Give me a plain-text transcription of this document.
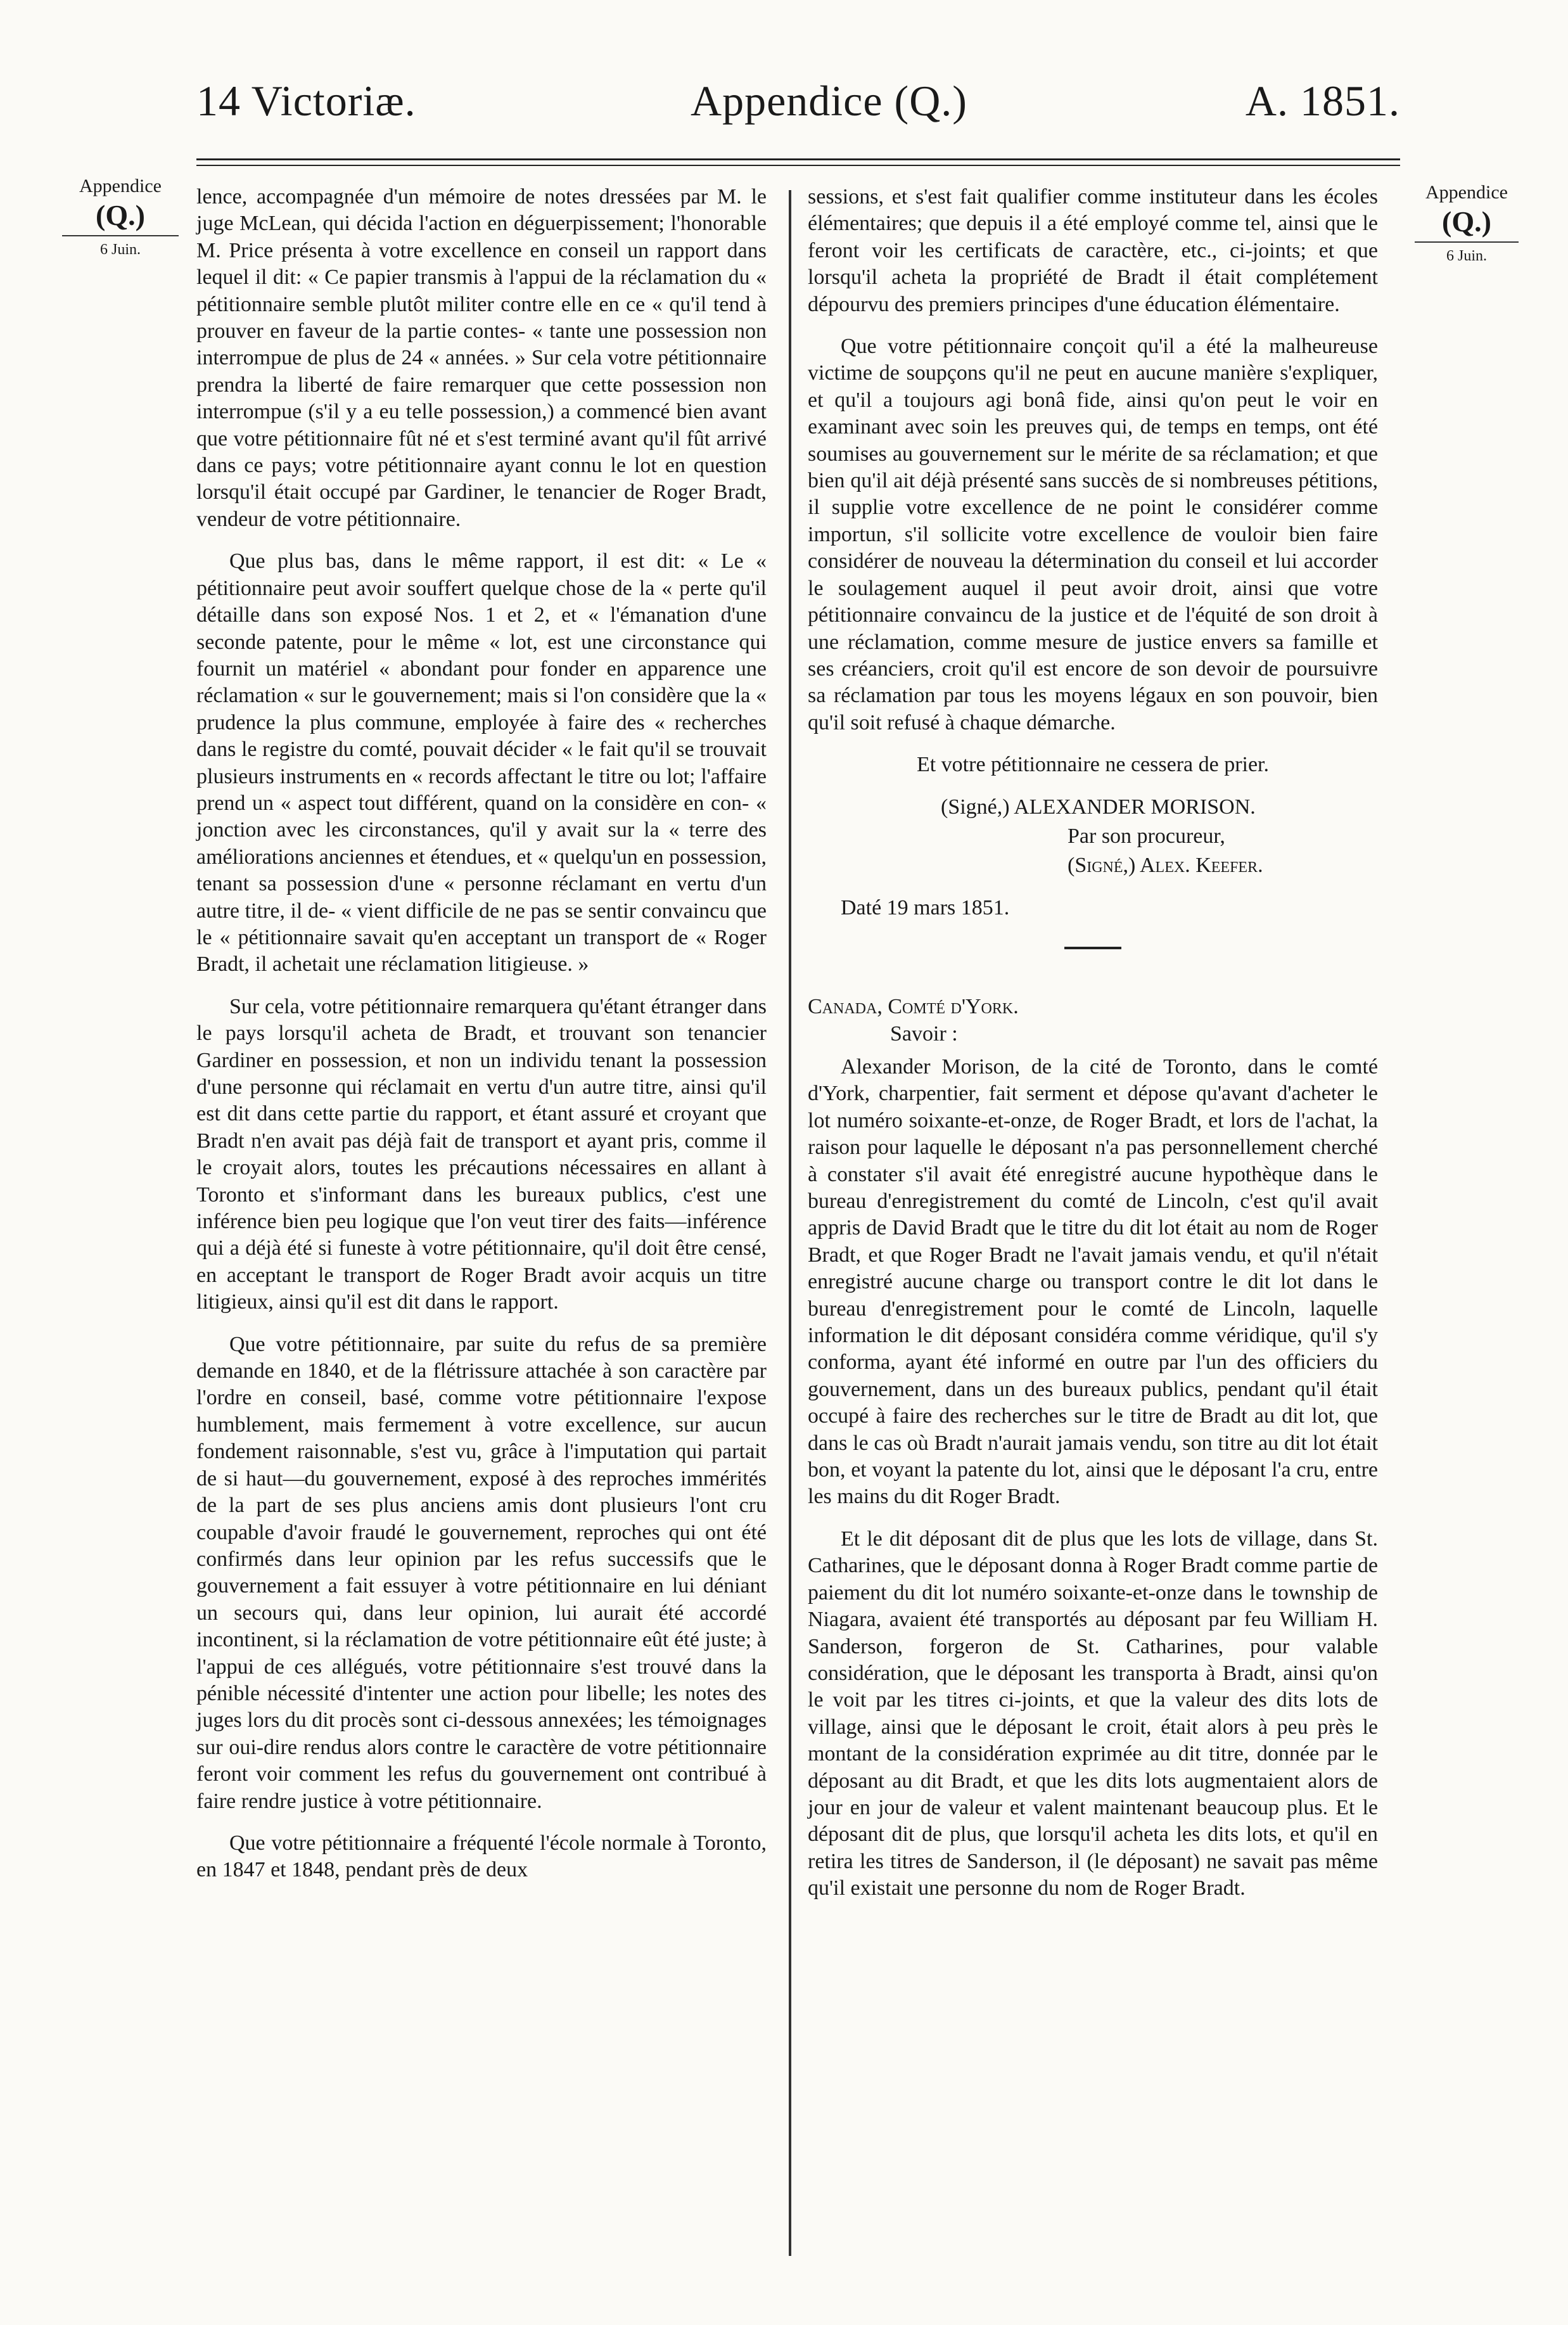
14 Victoriæ.	Appendice (Q.)	A. 1851.
Appendice
(Q.)
6 Juin.
Appendice
(Q.)
6 Juin.

lence, accompagnée d'un mémoire de notes dressées par M. le juge McLean, qui décida l'action en déguerpissement; l'honorable M. Price présenta à votre excellence en conseil un rapport dans lequel il dit: « Ce papier transmis à l'appui de la réclamation du « pétitionnaire semble plutôt militer contre elle en ce « qu'il tend à prouver en faveur de la partie contes- « tante une possession non interrompue de plus de 24 « années. » Sur cela votre pétitionnaire prendra la liberté de faire remarquer que cette possession non interrompue (s'il y a eu telle possession,) a commencé bien avant que votre pétitionnaire fût né et s'est terminé avant qu'il fût arrivé dans ce pays; votre pétitionnaire ayant connu le lot en question lorsqu'il était occupé par Gardiner, le tenancier de Roger Bradt, vendeur de votre pétitionnaire.

Que plus bas, dans le même rapport, il est dit: « Le « pétitionnaire peut avoir souffert quelque chose de la « perte qu'il détaille dans son exposé Nos. 1 et 2, et « l'émanation d'une seconde patente, pour le même « lot, est une circonstance qui fournit un matériel « abondant pour fonder en apparence une réclamation « sur le gouvernement; mais si l'on considère que la « prudence la plus commune, employée à faire des « recherches dans le registre du comté, pouvait décider « le fait qu'il se trouvait plusieurs instruments en « records affectant le titre ou lot; l'affaire prend un « aspect tout différent, quand on la considère en con- « jonction avec les circonstances, qu'il y avait sur la « terre des améliorations anciennes et étendues, et « quelqu'un en possession, tenant sa possession d'une « personne réclamant en vertu d'un autre titre, il de- « vient difficile de ne pas se sentir convaincu que le « pétitionnaire savait qu'en acceptant un transport de « Roger Bradt, il achetait une réclamation litigieuse. »

Sur cela, votre pétitionnaire remarquera qu'étant étranger dans le pays lorsqu'il acheta de Bradt, et trouvant son tenancier Gardiner en possession, et non un individu tenant la possession d'une personne qui réclamait en vertu d'un autre titre, ainsi qu'il est dit dans cette partie du rapport, et étant assuré et croyant que Bradt n'en avait pas déjà fait de transport et ayant pris, comme il le croyait alors, toutes les précautions nécessaires en allant à Toronto et s'informant dans les bureaux publics, c'est une inférence bien peu logique que l'on veut tirer des faits—inférence qui a déjà été si funeste à votre pétitionnaire, qu'il doit être censé, en acceptant le transport de Roger Bradt avoir acquis un titre litigieux, ainsi qu'il est dit dans le rapport.

Que votre pétitionnaire, par suite du refus de sa première demande en 1840, et de la flétrissure attachée à son caractère par l'ordre en conseil, basé, comme votre pétitionnaire l'expose humblement, mais fermement à votre excellence, sur aucun fondement raisonnable, s'est vu, grâce à l'imputation qui partait de si haut—du gouvernement, exposé à des reproches immérités de la part de ses plus anciens amis dont plusieurs l'ont cru coupable d'avoir fraudé le gouvernement, reproches qui ont été confirmés dans leur opinion par les refus successifs que le gouvernement a fait essuyer à votre pétitionnaire en lui déniant un secours qui, dans leur opinion, lui aurait été accordé incontinent, si la réclamation de votre pétitionnaire eût été juste; à l'appui de ces allégués, votre pétitionnaire s'est trouvé dans la pénible nécessité d'intenter une action pour libelle; les notes des juges lors du dit procès sont ci-dessous annexées; les témoignages sur oui-dire rendus alors contre le caractère de votre pétitionnaire feront voir comment les refus du gouvernement ont contribué à faire rendre justice à votre pétitionnaire.

Que votre pétitionnaire a fréquenté l'école normale à Toronto, en 1847 et 1848, pendant près de deux

sessions, et s'est fait qualifier comme instituteur dans les écoles élémentaires; que depuis il a été employé comme tel, ainsi que le feront voir les certificats de caractère, etc., ci-joints; et que lorsqu'il acheta la propriété de Bradt il était complétement dépourvu des premiers principes d'une éducation élémentaire.

Que votre pétitionnaire conçoit qu'il a été la malheureuse victime de soupçons qu'il ne peut en aucune manière s'expliquer, et qu'il a toujours agi bonâ fide, ainsi qu'on peut le voir en examinant avec soin les preuves qui, de temps en temps, ont été soumises au gouvernement sur le mérite de sa réclamation; et que bien qu'il ait déjà présenté sans succès de si nombreuses pétitions, il supplie votre excellence de ne point le considérer comme importun, s'il sollicite votre excellence de vouloir bien faire considérer de nouveau la détermination du conseil et lui accorder le soulagement auquel il peut avoir droit, ainsi que votre pétitionnaire convaincu de la justice et de l'équité de son droit à une réclamation, comme mesure de justice envers sa famille et ses créanciers, croit qu'il est encore de son devoir de poursuivre sa réclamation par tous les moyens légaux en son pouvoir, bien qu'il soit refusé à chaque démarche.

Et votre pétitionnaire ne cessera de prier.

(Signé,) ALEXANDER MORISON.

Par son procureur,

(Signé,) Alex. Keefer.

Daté 19 mars 1851.

Canada, Comté d'York.
Savoir :

Alexander Morison, de la cité de Toronto, dans le comté d'York, charpentier, fait serment et dépose qu'avant d'acheter le lot numéro soixante-et-onze, de Roger Bradt, et lors de l'achat, la raison pour laquelle le déposant n'a pas personnellement cherché à constater s'il avait été enregistré aucune hypothèque dans le bureau d'enregistrement du comté de Lincoln, c'est qu'il avait appris de David Bradt que le titre du dit lot était au nom de Roger Bradt, et que Roger Bradt ne l'avait jamais vendu, et qu'il n'était enregistré aucune charge ou transport contre le dit lot dans le bureau d'enregistrement pour le comté de Lincoln, laquelle information le dit déposant considéra comme véridique, qu'il s'y conforma, ayant été informé en outre par l'un des officiers du gouvernement, dans un des bureaux publics, pendant qu'il était occupé à faire des recherches sur le titre de Bradt au dit lot, que dans le cas où Bradt n'aurait jamais vendu, son titre au dit lot était bon, et voyant la patente du lot, ainsi que le déposant l'a cru, entre les mains du dit Roger Bradt.

Et le dit déposant dit de plus que les lots de village, dans St. Catharines, que le déposant donna à Roger Bradt comme partie de paiement du dit lot numéro soixante-et-onze dans le township de Niagara, avaient été transportés au déposant par feu William H. Sanderson, forgeron de St. Catharines, pour valable considération, que le déposant les transporta à Bradt, ainsi qu'on le voit par les titres ci-joints, et que la valeur des dits lots de village, ainsi que le déposant le croit, était alors à peu près le montant de la considération exprimée au dit titre, donnée par le déposant au dit Bradt, et que les dits lots augmentaient alors de jour en jour de valeur et valent maintenant beaucoup plus. Et le déposant dit de plus, que lorsqu'il acheta les dits lots, et qu'il en retira les titres de Sanderson, il (le déposant) ne savait pas même qu'il existait une personne du nom de Roger Bradt.
